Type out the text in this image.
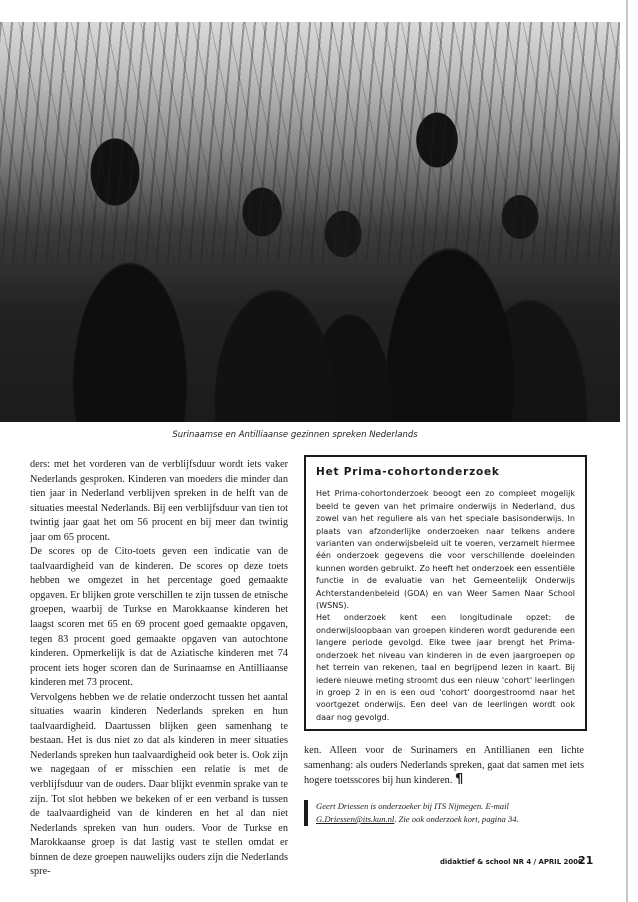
Surinaamse en Antilliaanse gezinnen spreken Nederlands

ders: met het vorderen van de verblijfsduur wordt iets vaker Nederlands gesproken. Kinderen van moeders die minder dan tien jaar in Nederland verblijven spreken in de helft van de situaties meestal Nederlands. Bij een verblijfsduur van tien tot twintig jaar gaat het om 56 procent en bij meer dan twintig jaar om 65 procent.

De scores op de Cito-toets geven een indicatie van de taalvaardigheid van de kinderen. De scores op deze toets hebben we omgezet in het percentage goed gemaakte opgaven. Er blijken grote verschillen te zijn tussen de etnische groepen, waarbij de Turkse en Marokkaanse kinderen het laagst scoren met 65 en 69 procent goed gemaakte opgaven, tegen 83 procent goed gemaakte opgaven van autochtone kinderen. Opmerkelijk is dat de Aziatische kinderen met 74 procent iets hoger scoren dan de Surinaamse en Antilliaanse kinderen met 73 procent.

Vervolgens hebben we de relatie onderzocht tussen het aantal situaties waarin kinderen Nederlands spreken en hun taalvaardigheid. Daartussen blijken geen samenhang te bestaan. Het is dus niet zo dat als kinderen in meer situaties Nederlands spreken hun taalvaardigheid ook beter is. Ook zijn we nagegaan of er misschien een relatie is met de verblijfsduur van de ouders. Daar blijkt evenmin sprake van te zijn. Tot slot hebben we bekeken of er een verband is tussen de taalvaardigheid van de kinderen en het al dan niet Nederlands spreken van hun ouders. Voor de Turkse en Marokkaanse groep is dat lastig vast te stellen omdat er binnen de deze groepen nauwelijks ouders zijn die Nederlands spre-

Het Prima-cohortonderzoek

Het Prima-cohortonderzoek beoogt een zo compleet mogelijk beeld te geven van het primaire onderwijs in Nederland, dus zowel van het reguliere als van het speciale basisonderwijs. In plaats van afzonderlijke onderzoeken naar telkens andere varianten van onderwijsbeleid uit te voeren, verzamelt hiermee één onderzoek gegevens die voor verschillende doeleinden kunnen worden gebruikt. Zo heeft het onderzoek een essentiële functie in de evaluatie van het Gemeentelijk Onderwijs Achterstandenbeleid (GOA) en van Weer Samen Naar School (WSNS).

Het onderzoek kent een longitudinale opzet: de onderwijsloopbaan van groepen kinderen wordt gedurende een langere periode gevolgd. Elke twee jaar brengt het Prima-onderzoek het niveau van kinderen in de even jaargroepen op het terrein van rekenen, taal en begrijpend lezen in kaart. Bij iedere nieuwe meting stroomt dus een nieuw 'cohort' leerlingen in groep 2 in en is een oud 'cohort' doorgestroomd naar het voortgezet onderwijs. Een deel van de leerlingen wordt ook daar nog gevolgd.

ken. Alleen voor de Surinamers en Antillianen een lichte samenhang: als ouders Nederlands spreken, gaat dat samen met iets hogere toetsscores bij hun kinderen. ¶
Geert Driessen is onderzoeker bij ITS Nijmegen. E-mail G.Driessen@its.kun.nl. Zie ook onderzoek kort, pagina 34.
didaktief & school NR 4 / APRIL 2000
21
